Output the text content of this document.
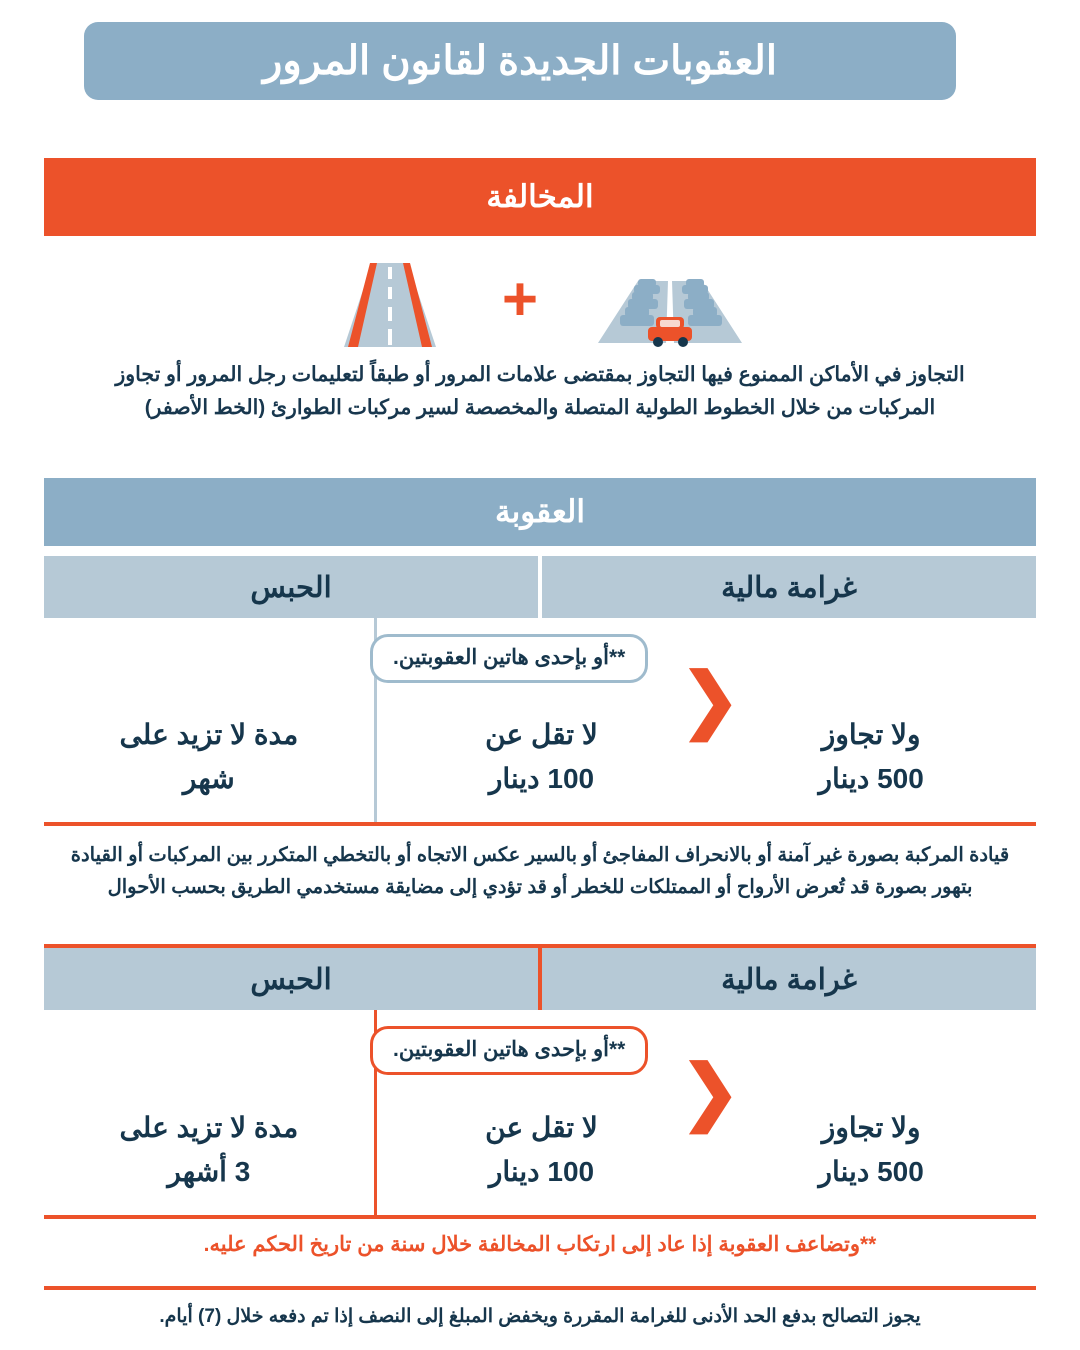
العقوبات الجديدة لقانون المرور
المخالفة
+
التجاوز في الأماكن الممنوع فيها التجاوز بمقتضى علامات المرور أو طبقاً لتعليمات رجل المرور أو تجاوز المركبات من خلال الخطوط الطولية المتصلة والمخصصة لسير مركبات الطوارئ (الخط الأصفر)
العقوبة
غرامة مالية
الحبس
ولا تجاوز
500 دينار
❮
لا تقل عن
100 دينار
مدة لا تزيد على
شهر
**أو بإحدى هاتين العقوبتين.
قيادة المركبة بصورة غير آمنة أو بالانحراف المفاجئ أو بالسير عكس الاتجاه أو بالتخطي المتكرر بين المركبات أو القيادة بتهور بصورة قد تُعرض الأرواح أو الممتلكات للخطر أو قد تؤدي إلى مضايقة مستخدمي الطريق بحسب الأحوال
غرامة مالية
الحبس
ولا تجاوز
500 دينار
❮
لا تقل عن
100 دينار
مدة لا تزيد على
3 أشهر
**أو بإحدى هاتين العقوبتين.
**وتضاعف العقوبة إذا عاد إلى ارتكاب المخالفة خلال سنة من تاريخ الحكم عليه.
يجوز التصالح بدفع الحد الأدنى للغرامة المقررة ويخفض المبلغ إلى النصف إذا تم دفعه خلال (7) أيام.
